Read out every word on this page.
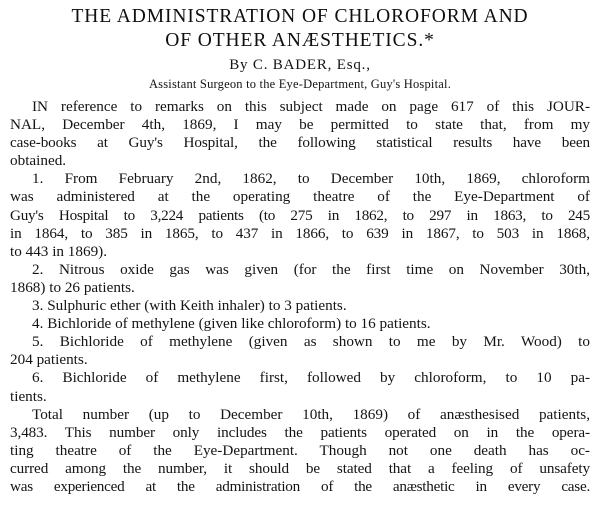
THE ADMINISTRATION OF CHLOROFORM AND
OF OTHER ANÆSTHETICS.*
By C. BADER, Esq.,
Assistant Surgeon to the Eye-Department, Guy's Hospital.

IN reference to remarks on this subject made on page 617 of this JOUR-
NAL, December 4th, 1869, I may be permitted to state that, from my
case-books at Guy's Hospital, the following statistical results have been
obtained.

1. From February 2nd, 1862, to December 10th, 1869, chloroform
was administered at the operating theatre of the Eye-Department of
Guy's Hospital to 3,224 patients (to 275 in 1862, to 297 in 1863, to 245
in 1864, to 385 in 1865, to 437 in 1866, to 639 in 1867, to 503 in 1868,
to 443 in 1869).

2. Nitrous oxide gas was given (for the first time on November 30th,
1868) to 26 patients.

3. Sulphuric ether (with Keith inhaler) to 3 patients.

4. Bichloride of methylene (given like chloroform) to 16 patients.

5. Bichloride of methylene (given as shown to me by Mr. Wood) to
204 patients.

6. Bichloride of methylene first, followed by chloroform, to 10 pa-
tients.

Total number (up to December 10th, 1869) of anæsthesised patients,
3,483. This number only includes the patients operated on in the opera-
ting theatre of the Eye-Department. Though not one death has oc-
curred among the number, it should be stated that a feeling of unsafety
was experienced at the administration of the anæsthetic in every case.
